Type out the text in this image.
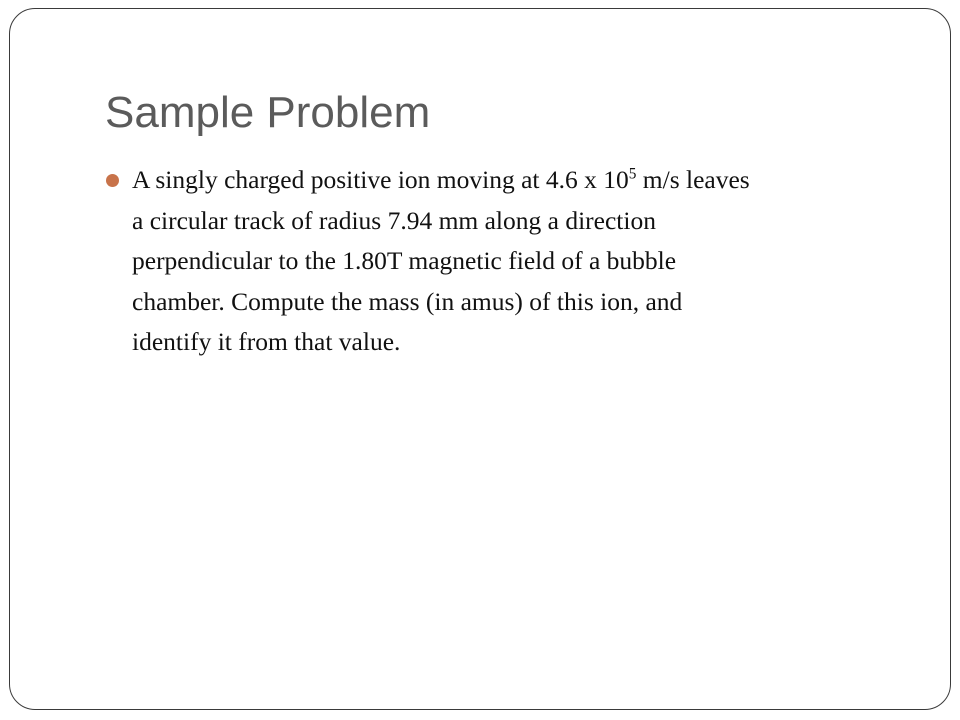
Sample Problem
A singly charged positive ion moving at 4.6 x $10^5$ m/s leaves
a circular track of radius 7.94 mm along a direction
perpendicular to the 1.80T magnetic field of a bubble
chamber. Compute the mass (in amus) of this ion, and
identify it from that value.
